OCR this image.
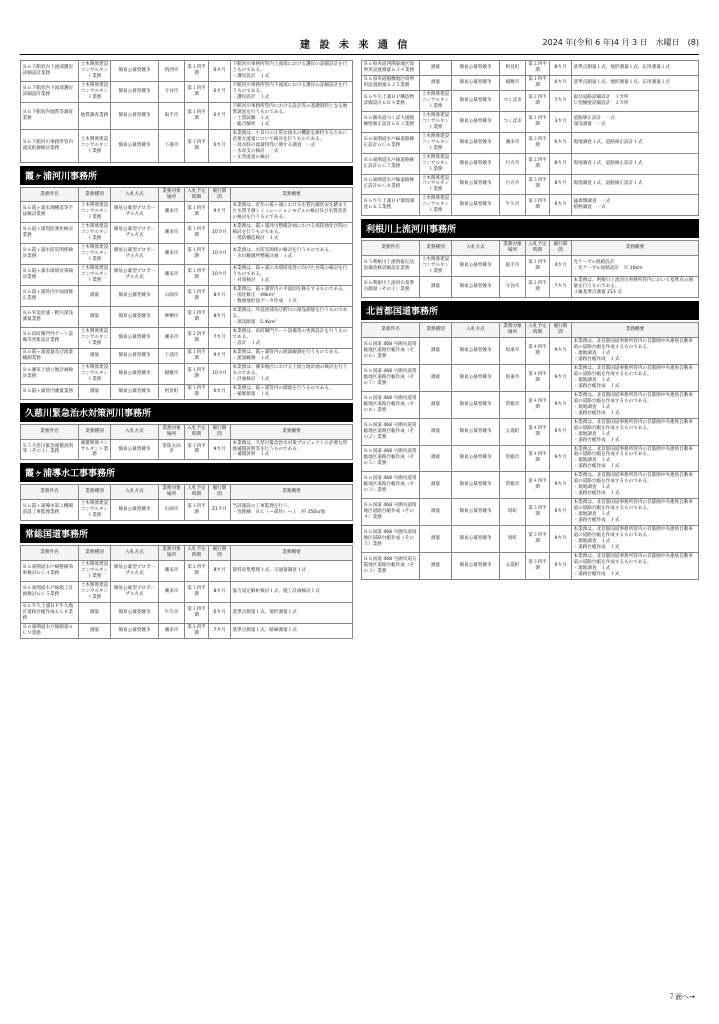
建 設 未 来 通 信	2024 年(令和 6 年)4 月 3 日　水曜日　(8)
Ｒ６下館処内上流部護岸詳細設計業務	土木関係建設コンサルタント業務	簡易公募型競争	筑西市	第１四半期	6カ月	下館河川事務所管内上流部における護岸の詳細設計を行うものである。
・護岸設計　１式
Ｒ６下館処内下流部護岸詳細設計業務	土木関係建設コンサルタント業務	簡易公募型競争	守谷市	第１四半期	6カ月	下館河川事務所管内下流部における護岸の詳細設計を行うものである。
・護岸設計　１式
Ｒ６下館処内地質等調査業務	地質調査業務	簡易公募型競争	取手市	第１四半期	6カ月	下館河川事務所管内における設計等の基礎資料となる地質調査を行うものである。
・土質試験　１式
・総合解析　１式
Ｒ６下館河川事務所管内流況把握検討業務	土木関係建設コンサルタント業務	簡易公募型競争	下妻市	第１四半期	6カ月	本業務は、小貝川の正常な流水の機能を維持するために必要な流量について検討を行うものである。
・低水時の流量特性に関する調査　一式
・水収支の検討　一式
・正常流量の検討
霞ヶ浦河川事務所
業務件名	業務種別	入札方式	業務対象場所	入札予定時期	履行期間	業務概要
Ｒ６霞ヶ浦水理構造等手法検討業務	土木関係建設コンサルタント業務	簡易公募型プロポーザル方式	潮来市	第１四半期	9カ月	本業務は、近年の霞ヶ浦における水質汚濁状況を踏まえた水質予測シミュレーションモデルの検討及び水質改善の検討を行うものである。
Ｒ６霞ヶ浦堤防強化検討業務	土木関係建設コンサルタント業務	簡易公募型プロポーザル方式	潮来市	第１四半期	10カ月	本業務は、霞ヶ浦河川整備計画における堤防強化区間の検討を行うものである。
・堤防構造検討　１式
Ｒ６霞ヶ浦水防災関係検討業務	土木関係建設コンサルタント業務	簡易公募型プロポーザル方式	潮来市	第１四半期	10カ月	本業務は、水防災関係の検討を行うものである。
・水位観測所整備計画　１式
Ｒ６霞ヶ浦水環境対策検討業務	土木関係建設コンサルタント業務	簡易公募型プロポーザル方式	潮来市	第１四半期	10カ月	本業務は、霞ヶ浦の水環境改善に向けた対策の検討を行うものである。
・対策検討　１式
Ｒ６霞ヶ浦管内平面図修正業務	測量	簡易公募型競争	石岡市	第１四半期	8カ月	本業務は、霞ヶ浦管内の平面図を修正するものである。
・図化修正　49km²
・数値地形図データ作成　１式
Ｒ６外浪逆浦・鰐川深浅測量業務	測量	簡易公募型競争	神栖市	第１四半期	8カ月	本業務は、外浪逆浦及び鰐川の深浅測量を行うものである。
・深浅測量　5.4km²
Ｒ６浜町閘門外ゲート設備等更新設計業務	土木関係建設コンサルタント業務	簡易公募型競争	潮来市	第２四半期	7カ月	本業務は、浜町閘門ゲート設備等の更新設計を行うものである。
・設計　１式
Ｒ６霞ヶ浦流量及び流量観測業務	測量	簡易公募型競争	土浦市	第１四半期	9カ月	本業務は、霞ヶ浦管内の流量観測を行うものである。
・流量観測　１式
Ｒ６潮来土捨立地計画検討業務	土木関係建設コンサルタント業務	簡易公募型競争	稲敷市	第１四半期	10カ月	本業務は、潮来地区における土捨立地計画の検討を行うものである。
・計画検討　１式
Ｒ６霞ヶ浦管内測量業務	測量	簡易公募型競争	阿見町	第１四半期	6カ月	本業務は、霞ヶ浦管内の測量を行うものである。
・縦断測量　１式
久慈川緊急治水対策河川事務所
業務件名	業務種別	入札方式	業務対象場所	入札予定時期	履行期間	業務概要
Ｒ５久慈川緊急補償説明等（その１）業務	補償関係コンサルタント業務	簡易公募型競争	常陸太田市	第１四半期	9カ月	本業務は、久慈川緊急治水対策プロジェクトに必要な用地補償説明等を行うものである。
・補償説明　１式
霞ヶ浦導水工事事務所
業務件名	業務種別	入札方式	業務対象場所	入札予定時期	履行期間	業務概要
Ｒ６霞ヶ浦導水第２機場前設工事監理業務	土木関係建設コンサルタント業務	簡易公募型競争	石岡市	第３四半期	21カ月	当該施設の工事監理を行う。
・管理棟　ＲＣ（—部Ｗ）—１　約 350㎡他
常総国道事務所
業務件名	業務種別	入札方式	業務対象場所	入札予定時期	履行期間	業務概要
Ｒ６東関道水戸線整備効果検討６Ｃ４業務	土木関係建設コンサルタント業務	簡易公募型プロポーザル方式	潮来市	第２四半期	8カ月	資料収集整理１式、交通量調査１式
Ｒ６東関道水戸線施工計画検討６Ｃ５業務	土木関係建設コンサルタント業務	簡易公募型プロポーザル方式	潮来市	第１四半期	8カ月	協力設定解析検討１式、施工計画検討１式
Ｒ６牛久土浦ＢＰ牛久地区道路台帳作成６Ｃ８業務	測量	簡易公募型競争	牛久市	第１四半期	6カ月	基準点測量１式、地形測量１式
Ｒ６東関道水戸線測量６Ｃ９業務	測量	簡易公募型競争	潮来市	第２四半期	7カ月	基準点測量１式、路線測量１式
Ｒ６県央道西関東地区境界用設置測量６Ｊ４業務	測量	簡易公募型競争	阿見町	第２四半期	8カ月	基準点測量１式、地形測量１式、応用測量１式
Ｒ６県央道稲敷地区境界用設置測量６Ｊ５業務	測量	簡易公募型競争	稲敷市	第１四半期	6カ月	基準点測量１式、地形測量１式、応用測量１式
Ｒ６牛久土浦ＢＰ構造物詳細設計６Ｋ４業務	土木関係建設コンサルタント業務	簡易公募型競争	つくば市	第２四半期	7カ月	取付道路詳細設計　１カ所
Ｕ型擁壁詳細設計　２カ所
Ｒ６圏央道つくば大規模擁壁修正設計６Ｋ３業務	土木関係建設コンサルタント業務	簡易公募型競争	つくば市	第１四半期	3カ月	道路修正設計　一式
深浅測量　一式
Ｒ６東関道水戸線道路修正設計６Ｃ６業務	土木関係建設コンサルタント業務	簡易公募型競争	潮来市	第３四半期	6カ月	現地調査１式、道路修正設計１式
Ｒ６東関道水戸線道路修正設計６Ｃ７業務	土木関係建設コンサルタント業務	簡易公募型競争	行方市	第２四半期	8カ月	現地調査１式、道路修正設計１式
Ｒ６東関道水戸線道路修正設計６Ｃ８業務	土木関係建設コンサルタント業務	簡易公募型競争	行方市	第３四半期	8カ月	現地調査１式、道路修正設計１式
Ｒ６牛久土浦ＢＰ環境調査６Ｋ５業務	土木関係建設コンサルタント業務	簡易公募型競争	牛久市	第３四半期	6カ月	猛禽類調査　一式
植物調査　一式
利根川上流河川事務所
業務件名	業務種別	入札方式	業務対象場所	入札予定時期	履行期間	業務概要
Ｒ５利根川上流情報伝送設備改修詳細設計業務	土木関係建設コンサルタント業務	簡易公募型競争	取手市	第１四半期	4カ月	光ケーブル経路設計
・光ケーブル経路設計　Ｎ 16km
Ｒ６利根川上流河川基準点測量（その１）業務	測量	簡易公募型競争	守谷市	第２四半期	7カ月	本業務は、利根川上流河川事務所管内において基準点の測量を行うものである。
３級基準点測量 214 点
北首都国道事務所
業務件名	業務種別	入札方式	業務対象場所	入札予定時期	履行期間	業務概要
Ｒ６国道 468 号圏央道常総地区道路台帳作成（その６）業務	測量	簡易公募型競争	坂東市	第４四半期	9カ月	本業務は、北首都国道事務所管内の首都圏中央連絡自動車道の道路台帳を作成するものである。
・現地調査　１式
・道路台帳作成　１式
Ｒ６国道 468 号圏央道常総地区道路台帳作成（その７）業務	測量	簡易公募型競争	坂東市	第４四半期	9カ月	本業務は、北首都国道事務所管内の首都圏中央連絡自動車道の道路台帳を作成するものである。
・現地調査　１式
・道路台帳作成　１式
Ｒ６国道 468 号圏央道常総地区道路台帳作成（その８）業務	測量	簡易公募型競争	常総市	第４四半期	9カ月	本業務は、北首都国道事務所管内の首都圏中央連絡自動車道の道路台帳を作成するものである。
・現地調査　１式
・道路台帳作成　１式
Ｒ６国道 468 号圏央道常総地区道路台帳作成（その２）業務	測量	簡易公募型競争	五霞町	第４四半期	9カ月	本業務は、北首都国道事務所管内の首都圏中央連絡自動車道の道路台帳を作成するものである。
・現地調査　１式
・道路台帳作成　１式
Ｒ６国道 468 号圏央道常総地区道路台帳作成（その５）業務	測量	簡易公募型競争	常総市	第４四半期	9カ月	本業務は、北首都国道事務所管内の首都圏中央連絡自動車道の道路台帳を作成するものである。
・現地調査　１式
・道路台帳作成　１式
Ｒ６国道 468 号圏央道常総地区道路台帳作成（その３）業務	測量	簡易公募型競争	常総市	第４四半期	9カ月	本業務は、北首都国道事務所管内の首都圏中央連絡自動車道の道路台帳を作成するものである。
・現地調査　１式
・道路台帳作成　１式
Ｒ６国道 468 号圏央道境地区道路台帳作成（その４）業務	測量	簡易公募型競争	境町	第３四半期	9カ月	本業務は、北首都国道事務所管内の首都圏中央連絡自動車道の道路台帳を作成するものである。
・現地調査　１式
・道路台帳作成　１式
Ｒ６国道 468 号圏央道境地区道路台帳作成（その５）業務	測量	簡易公募型競争	境町	第３四半期	9カ月	本業務は、北首都国道事務所管内の首都圏中央連絡自動車道の道路台帳を作成するものである。
・現地調査　１式
・道路台帳作成　１式
Ｒ６国道 468 号圏央道五霞地区道路台帳作成（その３）業務	測量	簡易公募型競争	五霞町	第３四半期	9カ月	本業務は、北首都国道事務所管内の首都圏中央連絡自動車道の道路台帳を作成するものである。
・現地調査　１式
・道路台帳作成　１式
７面へ→
